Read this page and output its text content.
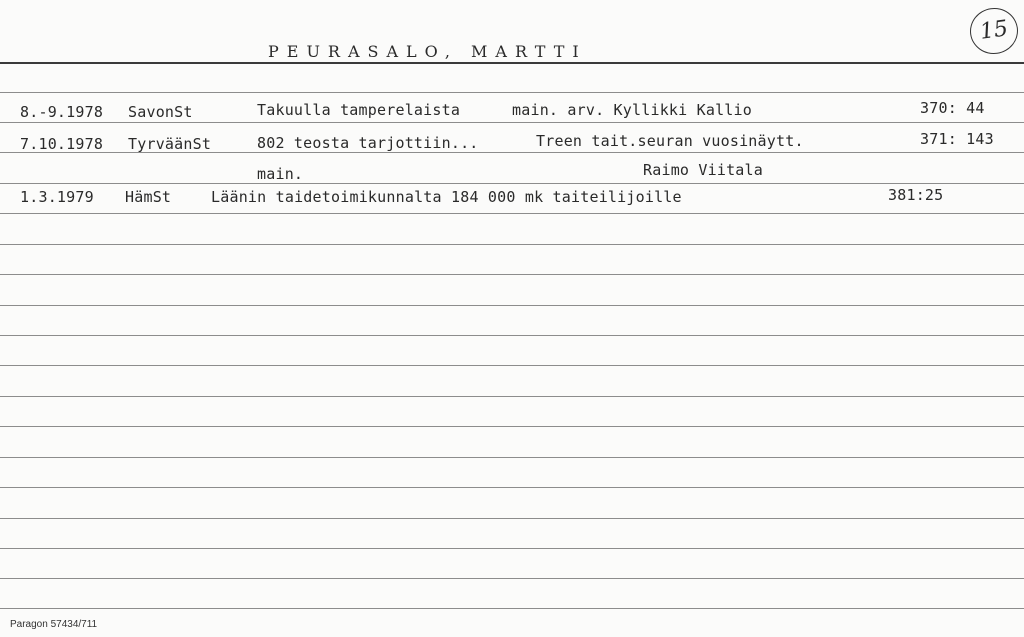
PEURASALO, MARTTI
15
8.-9.1978 SavonSt	Takuulla tamperelaista	main. arv. Kyllikki Kallio	370: 44
7.10.1978 TyrväänSt	802 teosta tarjottiin...	Treen tait.seuran vuosinäytt.	371: 143
main.	Raimo Viitala
1.3.1979 HämSt	Läänin taidetoimikunnalta 184 000 mk taiteilijoille	381:25
Paragon 57434/711
